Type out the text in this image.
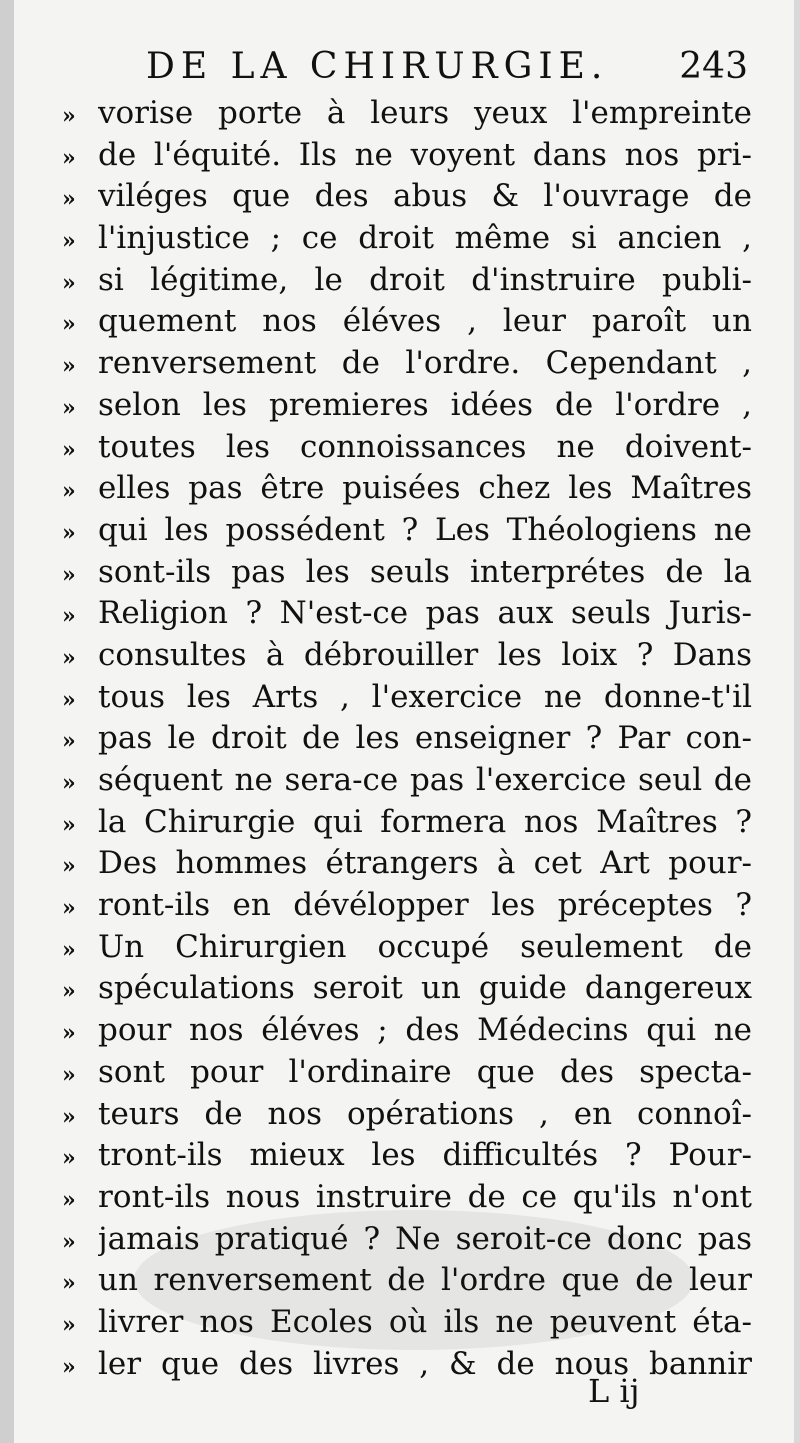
DE LA CHIRURGIE. 243
» vorise porte à leurs yeux l'empreinte
» de l'équité. Ils ne voyent dans nos pri-
» viléges que des abus & l'ouvrage de
» l'injustice ; ce droit même si ancien ,
» si légitime, le droit d'instruire publi-
» quement nos éléves , leur paroît un
» renversement de l'ordre. Cependant ,
» selon les premieres idées de l'ordre ,
» toutes les connoissances ne doivent-
» elles pas être puisées chez les Maîtres
» qui les possédent ? Les Théologiens ne
» sont-ils pas les seuls interprétes de la
» Religion ? N'est-ce pas aux seuls Juris-
» consultes à débrouiller les loix ? Dans
» tous les Arts , l'exercice ne donne-t'il
» pas le droit de les enseigner ? Par con-
» séquent ne sera-ce pas l'exercice seul de
» la Chirurgie qui formera nos Maîtres ?
» Des hommes étrangers à cet Art pour-
» ront-ils en dévélopper les préceptes ?
» Un Chirurgien occupé seulement de
» spéculations seroit un guide dangereux
» pour nos éléves ; des Médecins qui ne
» sont pour l'ordinaire que des specta-
» teurs de nos opérations , en connoî-
» tront-ils mieux les difficultés ? Pour-
» ront-ils nous instruire de ce qu'ils n'ont
» jamais pratiqué ? Ne seroit-ce donc pas
» un renversement de l'ordre que de leur
» livrer nos Ecoles où ils ne peuvent éta-
» ler que des livres , & de nous bannir
L ij
